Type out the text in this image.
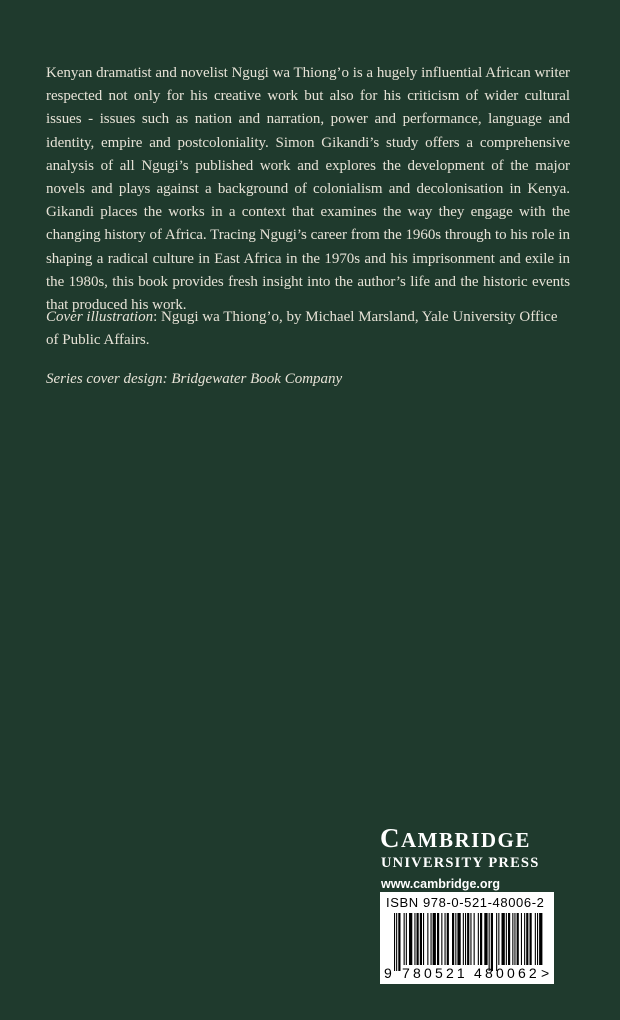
Kenyan dramatist and novelist Ngugi wa Thiong’o is a hugely influential African writer respected not only for his creative work but also for his criticism of wider cultural issues - issues such as nation and narration, power and performance, language and identity, empire and postcoloniality. Simon Gikandi’s study offers a comprehensive analysis of all Ngugi’s published work and explores the development of the major novels and plays against a background of colonialism and decolonisation in Kenya. Gikandi places the works in a context that examines the way they engage with the changing history of Africa. Tracing Ngugi’s career from the 1960s through to his role in shaping a radical culture in East Africa in the 1970s and his imprisonment and exile in the 1980s, this book provides fresh insight into the author’s life and the historic events that produced his work.

Cover illustration: Ngugi wa Thiong’o, by Michael Marsland, Yale University Office of Public Affairs.

Series cover design: Bridgewater Book Company

CAMBRIDGE
UNIVERSITY PRESS
www.cambridge.org
ISBN 978-0-521-48006-2
9 780521 480062 >
